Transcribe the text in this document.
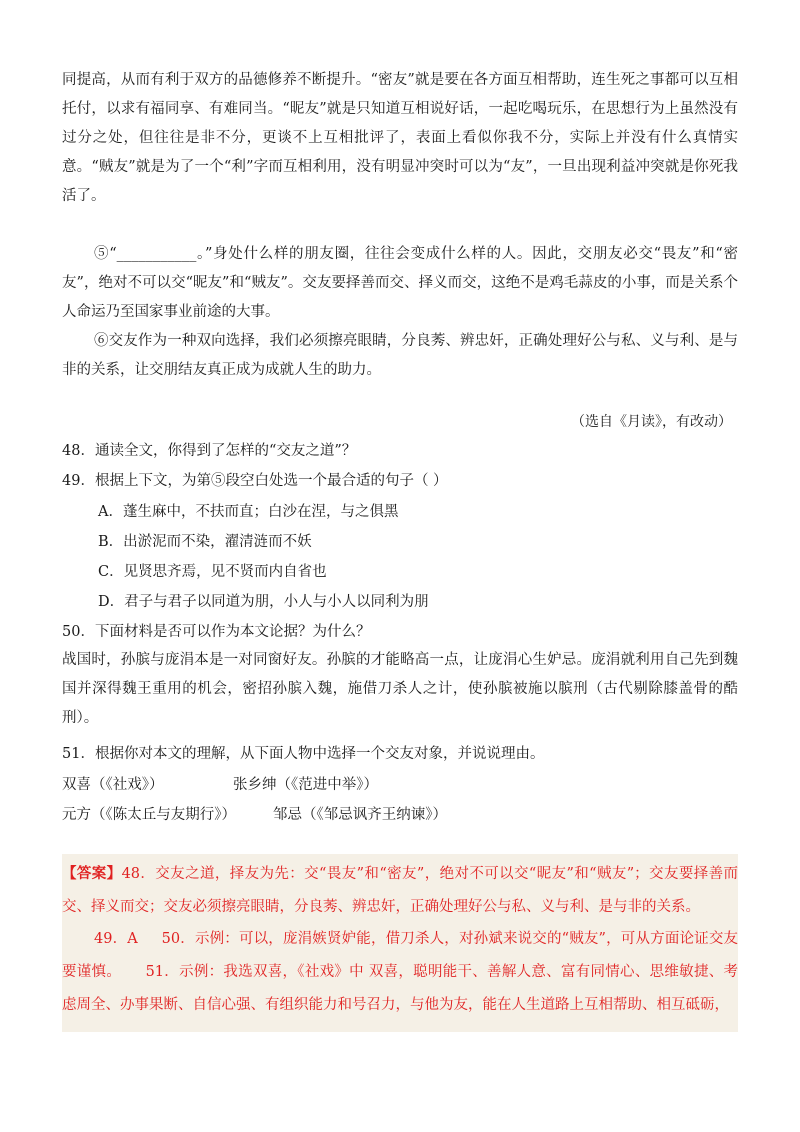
同提高，从而有利于双方的品德修养不断提升。“密友”就是要在各方面互相帮助，连生死之事都可以互相托付，以求有福同享、有难同当。“昵友”就是只知道互相说好话，一起吃喝玩乐，在思想行为上虽然没有过分之处，但往往是非不分，更谈不上互相批评了，表面上看似你我不分，实际上并没有什么真情实意。“贼友”就是为了一个“利”字而互相利用，没有明显冲突时可以为“友”，一旦出现利益冲突就是你死我活了。

⑤“___________。”身处什么样的朋友圈，往往会变成什么样的人。因此，交朋友必交“畏友”和“密友”，绝对不可以交“昵友”和“贼友”。交友要择善而交、择义而交，这绝不是鸡毛蒜皮的小事，而是关系个人命运乃至国家事业前途的大事。

⑥交友作为一种双向选择，我们必须擦亮眼睛，分良莠、辨忠奸，正确处理好公与私、义与利、是与非的关系，让交朋结友真正成为成就人生的助力。

（选自《月读》，有改动）
48．通读全文，你得到了怎样的“交友之道”？
49．根据上下文，为第⑤段空白处选一个最合适的句子（ ）
A．蓬生麻中，不扶而直；白沙在涅，与之俱黑
B．出淤泥而不染，濯清涟而不妖
C．见贤思齐焉，见不贤而内自省也
D．君子与君子以同道为朋，小人与小人以同利为朋
50．下面材料是否可以作为本文论据？为什么？

战国时，孙膑与庞涓本是一对同窗好友。孙膑的才能略高一点，让庞涓心生妒忌。庞涓就利用自己先到魏国并深得魏王重用的机会，密招孙膑入魏，施借刀杀人之计，使孙膑被施以膑刑（古代剔除膝盖骨的酷刑）。

51．根据你对本文的理解，从下面人物中选择一个交友对象，并说说理由。
双喜（《社戏》）	张乡绅（《范进中举》）
元方（《陈太丘与友期行》）	邹忌（《邹忌讽齐王纳谏》）

【答案】48．交友之道，择友为先：交“畏友”和“密友”，绝对不可以交“昵友”和“贼友”；交友要择善而交、择义而交；交友必须擦亮眼睛，分良莠、辨忠奸，正确处理好公与私、义与利、是与非的关系。

49．A 50．示例：可以，庞涓嫉贤妒能，借刀杀人，对孙斌来说交的“贼友”，可从方面论证交友要谨慎。 51．示例：我选双喜，《社戏》中 双喜，聪明能干、善解人意、富有同情心、思维敏捷、考虑周全、办事果断、自信心强、有组织能力和号召力，与他为友，能在人生道路上互相帮助、相互砥砺，
